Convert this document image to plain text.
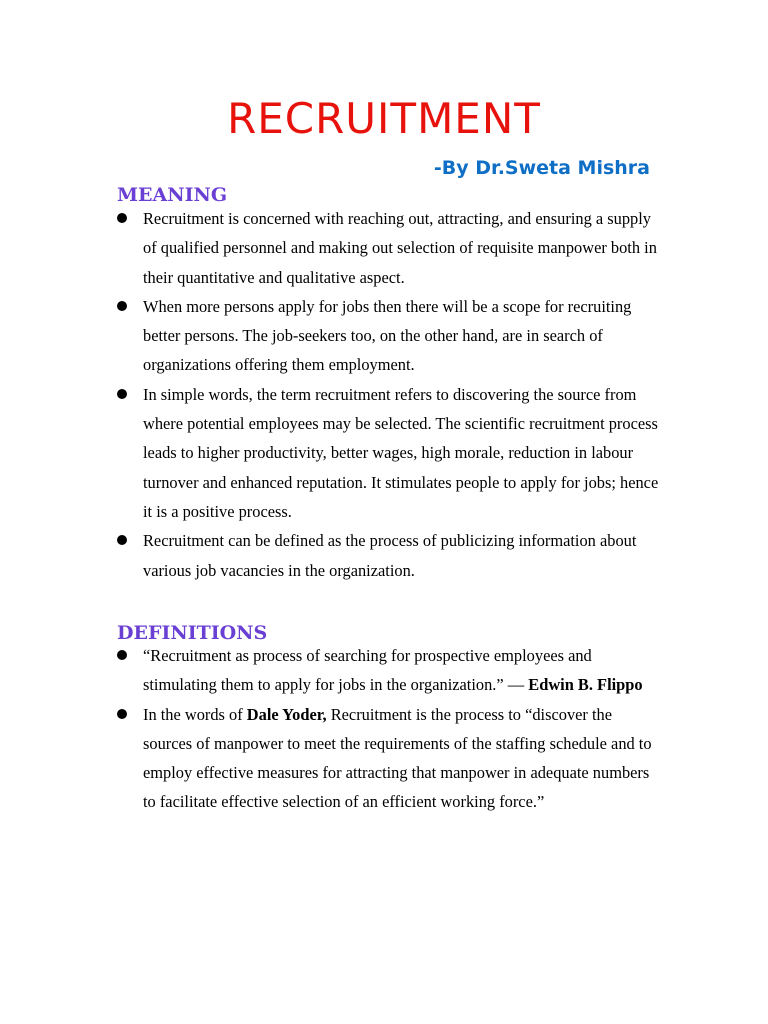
RECRUITMENT
-By Dr.Sweta Mishra
MEANING
Recruitment is concerned with reaching out, attracting, and ensuring a supply of qualified personnel and making out selection of requisite manpower both in their quantitative and qualitative aspect.
When more persons apply for jobs then there will be a scope for recruiting better persons. The job-seekers too, on the other hand, are in search of organizations offering them employment.
In simple words, the term recruitment refers to discovering the source from where potential employees may be selected. The scientific recruitment process leads to higher productivity, better wages, high morale, reduction in labour turnover and enhanced reputation. It stimulates people to apply for jobs; hence it is a positive process.
Recruitment can be defined as the process of publicizing information about various job vacancies in the organization.
DEFINITIONS
“Recruitment as process of searching for prospective employees and stimulating them to apply for jobs in the organization.” — Edwin B. Flippo
In the words of Dale Yoder, Recruitment is the process to “discover the sources of manpower to meet the requirements of the staffing schedule and to employ effective measures for attracting that manpower in adequate numbers to facilitate effective selection of an efficient working force.”
